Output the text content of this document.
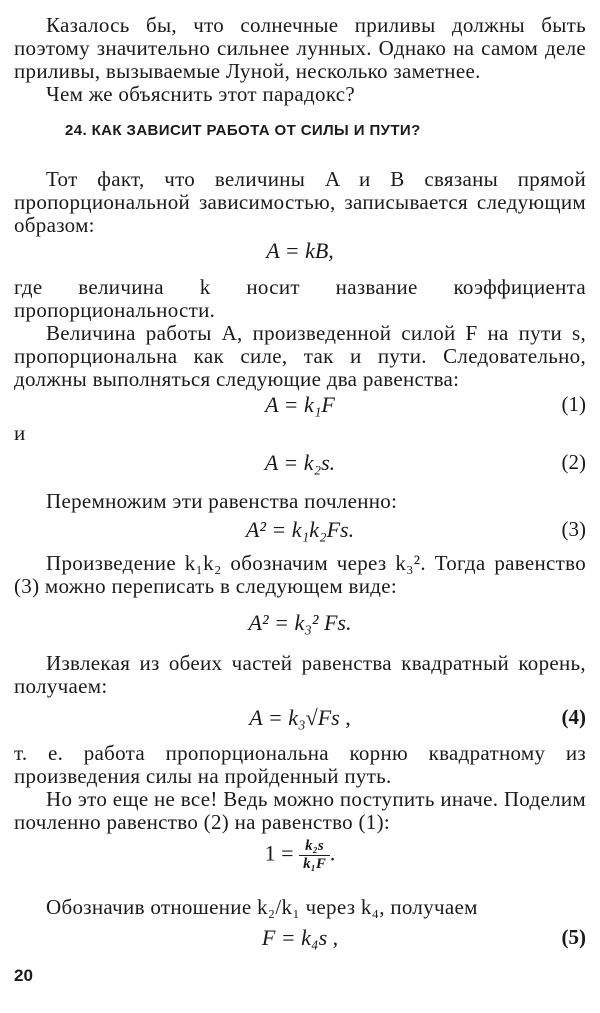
Казалось бы, что солнечные приливы должны быть поэтому значительно сильнее лунных. Однако на самом деле приливы, вызываемые Луной, несколько заметнее.

Чем же объяснить этот парадокс?

24. КАК ЗАВИСИТ РАБОТА ОТ СИЛЫ И ПУТИ?

Тот факт, что величины A и B связаны прямой пропорциональной зависимостью, записывается следующим образом:

A = kB,

где величина k носит название коэффициента пропорциональности.

Величина работы A, произведенной силой F на пути s, пропорциональна как силе, так и пути. Следовательно, должны выполняться следующие два равенства:

A = k₁F	(1)

и

A = k₂s.	(2)

Перемножим эти равенства почленно:

A² = k₁k₂Fs.	(3)

Произведение k₁k₂ обозначим через k₃². Тогда равенство (3) можно переписать в следующем виде:

A² = k₃² Fs.

Извлекая из обеих частей равенства квадратный корень, получаем:

A = k₃√Fs ,	(4)

т. е. работа пропорциональна корню квадратному из произведения силы на пройденный путь.

Но это еще не все! Ведь можно поступить иначе. Поделим почленно равенство (2) на равенство (1):

$1 = \frac{\text{k₂s}}{\text{k₁F}}$ .

Обозначив отношение k₂/k₁ через k₄, получаем

F = k₄s ,	(5)
20
